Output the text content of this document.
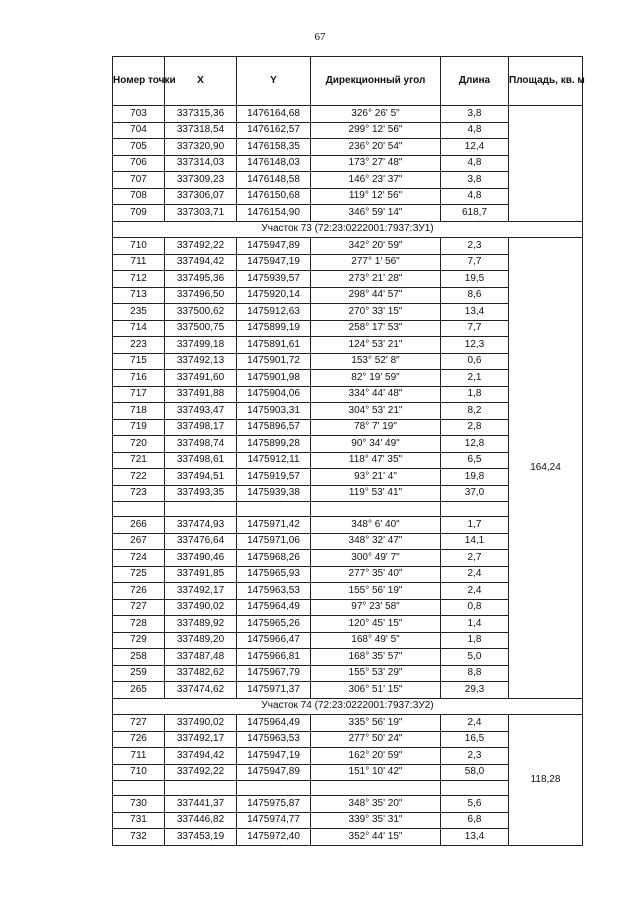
67
Номер точки	X	Y	Дирекционный угол	Длина	Площадь, кв. м
703	337315,36	1476164,68	326° 26' 5"	3,8	
704	337318,54	1476162,57	299° 12' 56"	4,8	
705	337320,90	1476158,35	236° 20' 54"	12,4	
706	337314,03	1476148,03	173° 27' 48"	4,8	
707	337309,23	1476148,58	146° 23' 37"	3,8	
708	337306,07	1476150,68	119° 12' 56"	4,8	
709	337303,71	1476154,90	346° 59' 14"	618,7	
Участок 73 (72:23:0222001:7937:ЗУ1)					
710	337492,22	1475947,89	342° 20' 59"	2,3	164,24
711	337494,42	1475947,19	277° 1' 56"	7,7	
712	337495,36	1475939,57	273° 21' 28"	19,5	
713	337496,50	1475920,14	298° 44' 57"	8,6	
235	337500,62	1475912,63	270° 33' 15"	13,4	
714	337500,75	1475899,19	258° 17' 53"	7,7	
223	337499,18	1475891,61	124° 53' 21"	12,3	
715	337492,13	1475901,72	153° 52' 8"	0,6	
716	337491,60	1475901,98	82° 19' 59"	2,1	
717	337491,88	1475904,06	334° 44' 48"	1,8	
718	337493,47	1475903,31	304° 53' 21"	8,2	
719	337498,17	1475896,57	78° 7' 19"	2,8	
720	337498,74	1475899,28	90° 34' 49"	12,8	
721	337498,61	1475912,11	118° 47' 35"	6,5	
722	337494,51	1475919,57	93° 21' 4"	19,8	
723	337493,35	1475939,38	119° 53' 41"	37,0	

266	337474,93	1475971,42	348° 6' 40"	1,7	
267	337476,64	1475971,06	348° 32' 47"	14,1	
724	337490,46	1475968,26	300° 49' 7"	2,7	
725	337491,85	1475965,93	277° 35' 40"	2,4	
726	337492,17	1475963,53	155° 56' 19"	2,4	
727	337490,02	1475964,49	97° 23' 58"	0,8	
728	337489,92	1475965,26	120° 45' 15"	1,4	
729	337489,20	1475966,47	168° 49' 5"	1,8	
258	337487,48	1475966,81	168° 35' 57"	5,0	
259	337482,62	1475967,79	155° 53' 29"	8,8	
265	337474,62	1475971,37	306° 51' 15"	29,3	
Участок 74 (72:23:0222001:7937:ЗУ2)					
727	337490,02	1475964,49	335° 56' 19"	2,4	118,28
726	337492,17	1475963,53	277° 50' 24"	16,5	
711	337494,42	1475947,19	162° 20' 59"	2,3	
710	337492,22	1475947,89	151° 10' 42"	58,0	

730	337441,37	1475975,87	348° 35' 20"	5,6	
731	337446,82	1475974,77	339° 35' 31"	6,8	
732	337453,19	1475972,40	352° 44' 15"	13,4	
